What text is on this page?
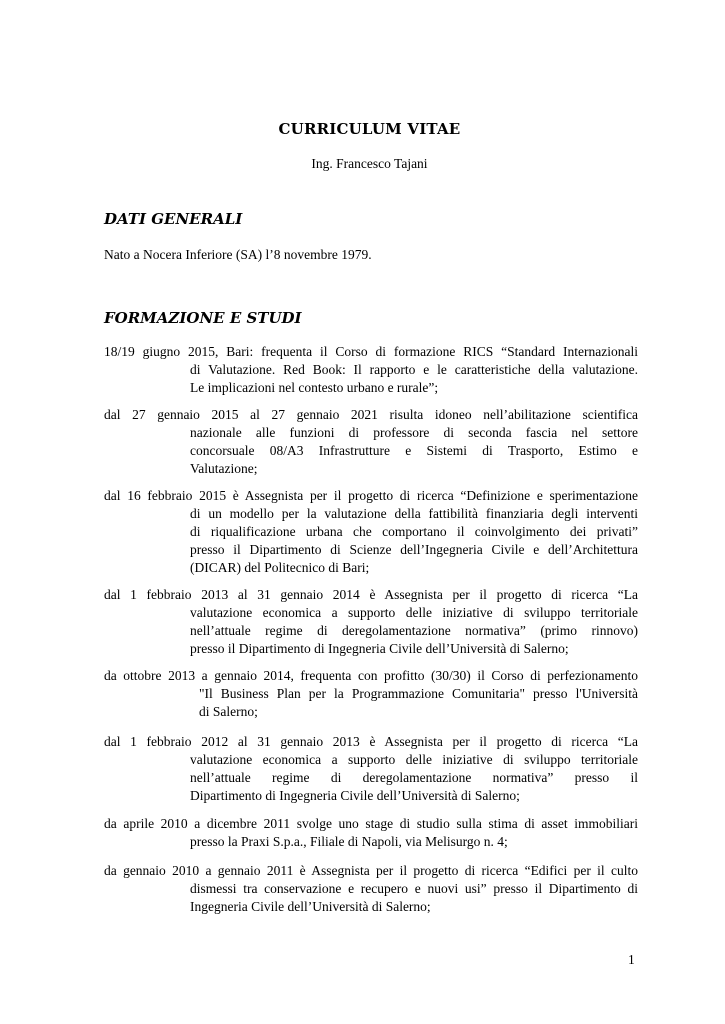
CURRICULUM VITAE
Ing. Francesco Tajani
DATI GENERALI
Nato a Nocera Inferiore (SA) l’8 novembre 1979.
FORMAZIONE E STUDI
18/19 giugno 2015, Bari: frequenta il Corso di formazione RICS “Standard Internazionali
di Valutazione. Red Book: Il rapporto e le caratteristiche della valutazione.
Le implicazioni nel contesto urbano e rurale”;
dal 27 gennaio 2015 al 27 gennaio 2021 risulta idoneo nell’abilitazione scientifica
nazionale alle funzioni di professore di seconda fascia nel settore
concorsuale 08/A3 Infrastrutture e Sistemi di Trasporto, Estimo e
Valutazione;
dal 16 febbraio 2015 è Assegnista per il progetto di ricerca “Definizione e sperimentazione
di un modello per la valutazione della fattibilità finanziaria degli interventi
di riqualificazione urbana che comportano il coinvolgimento dei privati”
presso il Dipartimento di Scienze dell’Ingegneria Civile e dell’Architettura
(DICAR) del Politecnico di Bari;
dal 1 febbraio 2013 al 31 gennaio 2014 è Assegnista per il progetto di ricerca “La
valutazione economica a supporto delle iniziative di sviluppo territoriale
nell’attuale regime di deregolamentazione normativa” (primo rinnovo)
presso il Dipartimento di Ingegneria Civile dell’Università di Salerno;
da ottobre 2013 a gennaio 2014, frequenta con profitto (30/30) il Corso di perfezionamento
"Il Business Plan per la Programmazione Comunitaria" presso l'Università
di Salerno;
dal 1 febbraio 2012 al 31 gennaio 2013 è Assegnista per il progetto di ricerca “La
valutazione economica a supporto delle iniziative di sviluppo territoriale
nell’attuale regime di deregolamentazione normativa” presso il
Dipartimento di Ingegneria Civile dell’Università di Salerno;
da aprile 2010 a dicembre 2011 svolge uno stage di studio sulla stima di asset immobiliari
presso la Praxi S.p.a., Filiale di Napoli, via Melisurgo n. 4;
da gennaio 2010 a gennaio 2011 è Assegnista per il progetto di ricerca “Edifici per il culto
dismessi tra conservazione e recupero e nuovi usi” presso il Dipartimento di
Ingegneria Civile dell’Università di Salerno;
1
